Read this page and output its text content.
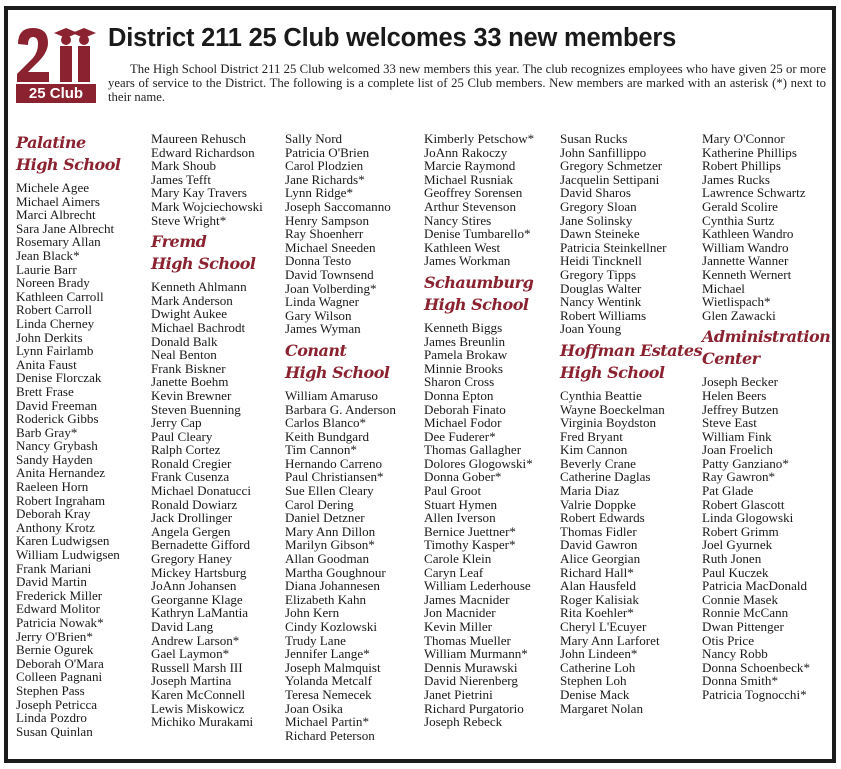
25 Club
District 211 25 Club welcomes 33 new members
The High School District 211 25 Club welcomed 33 new members this year. The club recognizes employees who have given 25 or more years of service to the District. The following is a complete list of 25 Club members. New members are marked with an asterisk (*) next to their name.
Palatine
High School
Michele Agee
Michael Aimers
Marci Albrecht
Sara Jane Albrecht
Rosemary Allan
Jean Black*
Laurie Barr
Noreen Brady
Kathleen Carroll
Robert Carroll
Linda Cherney
John Derkits
Lynn Fairlamb
Anita Faust
Denise Florczak
Brett Frase
David Freeman
Roderick Gibbs
Barb Gray*
Nancy Grybash
Sandy Hayden
Anita Hernandez
Raeleen Horn
Robert Ingraham
Deborah Kray
Anthony Krotz
Karen Ludwigsen
William Ludwigsen
Frank Mariani
David Martin
Frederick Miller
Edward Molitor
Patricia Nowak*
Jerry O'Brien*
Bernie Ogurek
Deborah O'Mara
Colleen Pagnani
Stephen Pass
Joseph Petricca
Linda Pozdro
Susan Quinlan
Maureen Rehusch
Edward Richardson
Mark Shoub
James Tefft
Mary Kay Travers
Mark Wojciechowski
Steve Wright*
Fremd
High School
Kenneth Ahlmann
Mark Anderson
Dwight Aukee
Michael Bachrodt
Donald Balk
Neal Benton
Frank Biskner
Janette Boehm
Kevin Brewner
Steven Buenning
Jerry Cap
Paul Cleary
Ralph Cortez
Ronald Cregier
Frank Cusenza
Michael Donatucci
Ronald Dowiarz
Jack Drollinger
Angela Gergen
Bernadette Gifford
Gregory Haney
Mickey Hartsburg
JoAnn Johansen
Georganne Klage
Kathryn LaMantia
David Lang
Andrew Larson*
Gael Laymon*
Russell Marsh III
Joseph Martina
Karen McConnell
Lewis Miskowicz
Michiko Murakami
Sally Nord
Patricia O'Brien
Carol Plodzien
Jane Richards*
Lynn Ridge*
Joseph Saccomanno
Henry Sampson
Ray Shoenherr
Michael Sneeden
Donna Testo
David Townsend
Joan Volberding*
Linda Wagner
Gary Wilson
James Wyman
Conant
High School
William Amaruso
Barbara G. Anderson
Carlos Blanco*
Keith Bundgard
Tim Cannon*
Hernando Carreno
Paul Christiansen*
Sue Ellen Cleary
Carol Dering
Daniel Detzner
Mary Ann Dillon
Marilyn Gibson*
Allan Goodman
Martha Goughnour
Diana Johannesen
Elizabeth Kahn
John Kern
Cindy Kozlowski
Trudy Lane
Jennifer Lange*
Joseph Malmquist
Yolanda Metcalf
Teresa Nemecek
Joan Osika
Michael Partin*
Richard Peterson
Kimberly Petschow*
JoAnn Rakoczy
Marcie Raymond
Michael Rusniak
Geoffrey Sorensen
Arthur Stevenson
Nancy Stires
Denise Tumbarello*
Kathleen West
James Workman
Schaumburg
High School
Kenneth Biggs
James Breunlin
Pamela Brokaw
Minnie Brooks
Sharon Cross
Donna Epton
Deborah Finato
Michael Fodor
Dee Fuderer*
Thomas Gallagher
Dolores Glogowski*
Donna Gober*
Paul Groot
Stuart Hymen
Allen Iverson
Bernice Juettner*
Timothy Kasper*
Carole Klein
Caryn Leaf
William Lederhouse
James Macnider
Jon Macnider
Kevin Miller
Thomas Mueller
William Murmann*
Dennis Murawski
David Nierenberg
Janet Pietrini
Richard Purgatorio
Joseph Rebeck
Susan Rucks
John Sanfillippo
Gregory Schmetzer
Jacquelin Settipani
David Sharos
Gregory Sloan
Jane Solinsky
Dawn Steineke
Patricia Steinkellner
Heidi Tincknell
Gregory Tipps
Douglas Walter
Nancy Wentink
Robert Williams
Joan Young
Hoffman Estates
High School
Cynthia Beattie
Wayne Boeckelman
Virginia Boydston
Fred Bryant
Kim Cannon
Beverly Crane
Catherine Daglas
Maria Diaz
Valrie Doppke
Robert Edwards
Thomas Fidler
David Gawron
Alice Georgian
Richard Hall*
Alan Hausfeld
Roger Kalisiak
Rita Koehler*
Cheryl L'Ecuyer
Mary Ann Larforet
John Lindeen*
Catherine Loh
Stephen Loh
Denise Mack
Margaret Nolan
Mary O'Connor
Katherine Phillips
Robert Phillips
James Rucks
Lawrence Schwartz
Gerald Scolire
Cynthia Surtz
Kathleen Wandro
William Wandro
Jannette Wanner
Kenneth Wernert
Michael
Wietlispach*
Glen Zawacki
Administration
Center
Joseph Becker
Helen Beers
Jeffrey Butzen
Steve East
William Fink
Joan Froelich
Patty Ganziano*
Ray Gawron*
Pat Glade
Robert Glascott
Linda Glogowski
Robert Grimm
Joel Gyurnek
Ruth Jonen
Paul Kuczek
Patricia MacDonald
Connie Masek
Ronnie McCann
Dwan Pittenger
Otis Price
Nancy Robb
Donna Schoenbeck*
Donna Smith*
Patricia Tognocchi*
